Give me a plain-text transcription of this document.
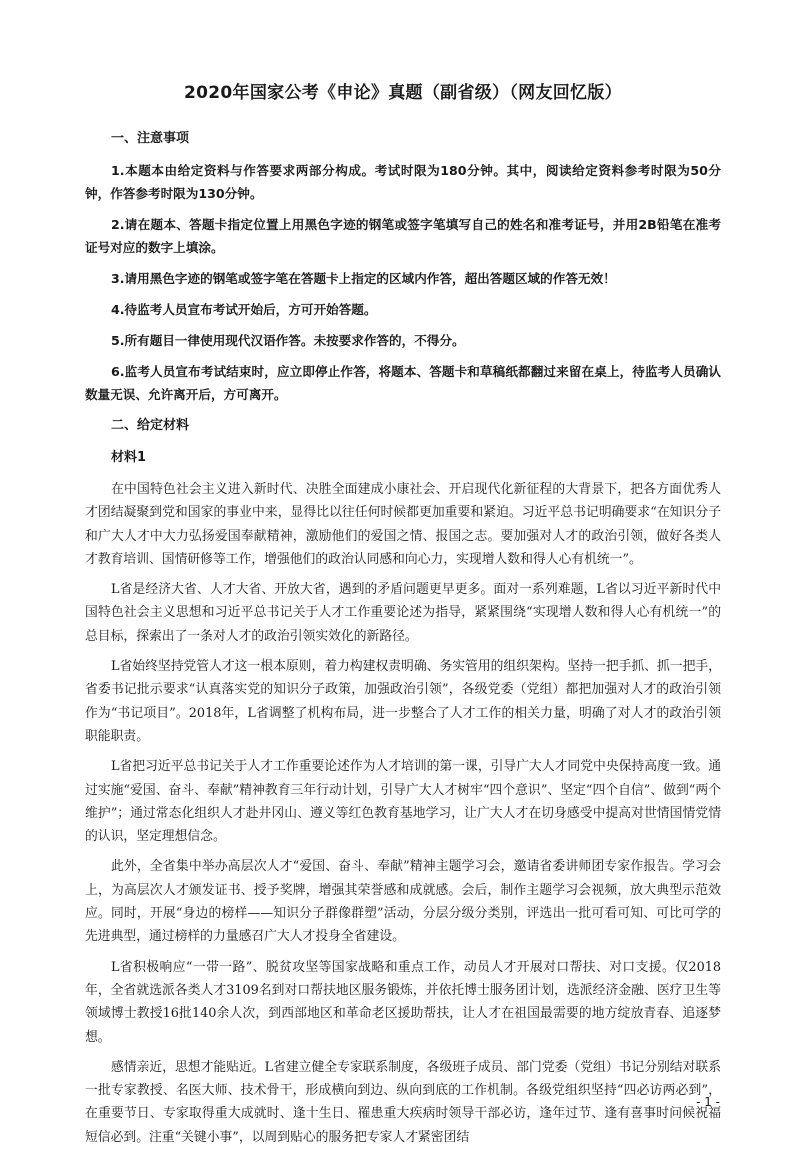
2020年国家公考《申论》真题（副省级）（网友回忆版）
一、注意事项
1.本题本由给定资料与作答要求两部分构成。考试时限为180分钟。其中，阅读给定资料参考时限为50分钟，作答参考时限为130分钟。
2.请在题本、答题卡指定位置上用黑色字迹的钢笔或签字笔填写自己的姓名和准考证号，并用2B铅笔在准考证号对应的数字上填涂。
3.请用黑色字迹的钢笔或签字笔在答题卡上指定的区域内作答，超出答题区域的作答无效！
4.待监考人员宣布考试开始后，方可开始答题。
5.所有题目一律使用现代汉语作答。未按要求作答的，不得分。
6.监考人员宣布考试结束时，应立即停止作答，将题本、答题卡和草稿纸都翻过来留在桌上，待监考人员确认数量无误、允许离开后，方可离开。
二、给定材料
材料1
在中国特色社会主义进入新时代、决胜全面建成小康社会、开启现代化新征程的大背景下，把各方面优秀人才团结凝聚到党和国家的事业中来，显得比以往任何时候都更加重要和紧迫。习近平总书记明确要求“在知识分子和广大人才中大力弘扬爱国奉献精神，激励他们的爱国之情、报国之志。要加强对人才的政治引领，做好各类人才教育培训、国情研修等工作，增强他们的政治认同感和向心力，实现增人数和得人心有机统一”。
L省是经济大省、人才大省、开放大省，遇到的矛盾问题更早更多。面对一系列难题，L省以习近平新时代中国特色社会主义思想和习近平总书记关于人才工作重要论述为指导，紧紧围绕“实现增人数和得人心有机统一”的总目标，探索出了一条对人才的政治引领实效化的新路径。
L省始终坚持党管人才这一根本原则，着力构建权责明确、务实管用的组织架构。坚持一把手抓、抓一把手，省委书记批示要求“认真落实党的知识分子政策，加强政治引领”，各级党委（党组）都把加强对人才的政治引领作为“书记项目”。2018年，L省调整了机构布局，进一步整合了人才工作的相关力量，明确了对人才的政治引领职能职责。
L省把习近平总书记关于人才工作重要论述作为人才培训的第一课，引导广大人才同党中央保持高度一致。通过实施“爱国、奋斗、奉献”精神教育三年行动计划，引导广大人才树牢“四个意识”、坚定“四个自信”、做到“两个维护”；通过常态化组织人才赴井冈山、遵义等红色教育基地学习，让广大人才在切身感受中提高对世情国情党情的认识，坚定理想信念。
此外，全省集中举办高层次人才“爱国、奋斗、奉献”精神主题学习会，邀请省委讲师团专家作报告。学习会上，为高层次人才颁发证书、授予奖牌，增强其荣誉感和成就感。会后，制作主题学习会视频，放大典型示范效应。同时，开展“身边的榜样——知识分子群像群塑”活动，分层分级分类别，评选出一批可看可知、可比可学的先进典型，通过榜样的力量感召广大人才投身全省建设。
L省积极响应“一带一路”、脱贫攻坚等国家战略和重点工作，动员人才开展对口帮扶、对口支援。仅2018年，全省就选派各类人才3109名到对口帮扶地区服务锻炼，并依托博士服务团计划，选派经济金融、医疗卫生等领域博士教授16批140余人次，到西部地区和革命老区援助帮扶，让人才在祖国最需要的地方绽放青春、追逐梦想。
感情亲近，思想才能贴近。L省建立健全专家联系制度，各级班子成员、部门党委（党组）书记分别结对联系一批专家教授、名医大师、技术骨干，形成横向到边、纵向到底的工作机制。各级党组织坚持“四必访两必到”，在重要节日、专家取得重大成就时、逢十生日、罹患重大疾病时领导干部必访，逢年过节、逢有喜事时问候祝福短信必到。注重“关键小事”，以周到贴心的服务把专家人才紧密团结
- 1 -
